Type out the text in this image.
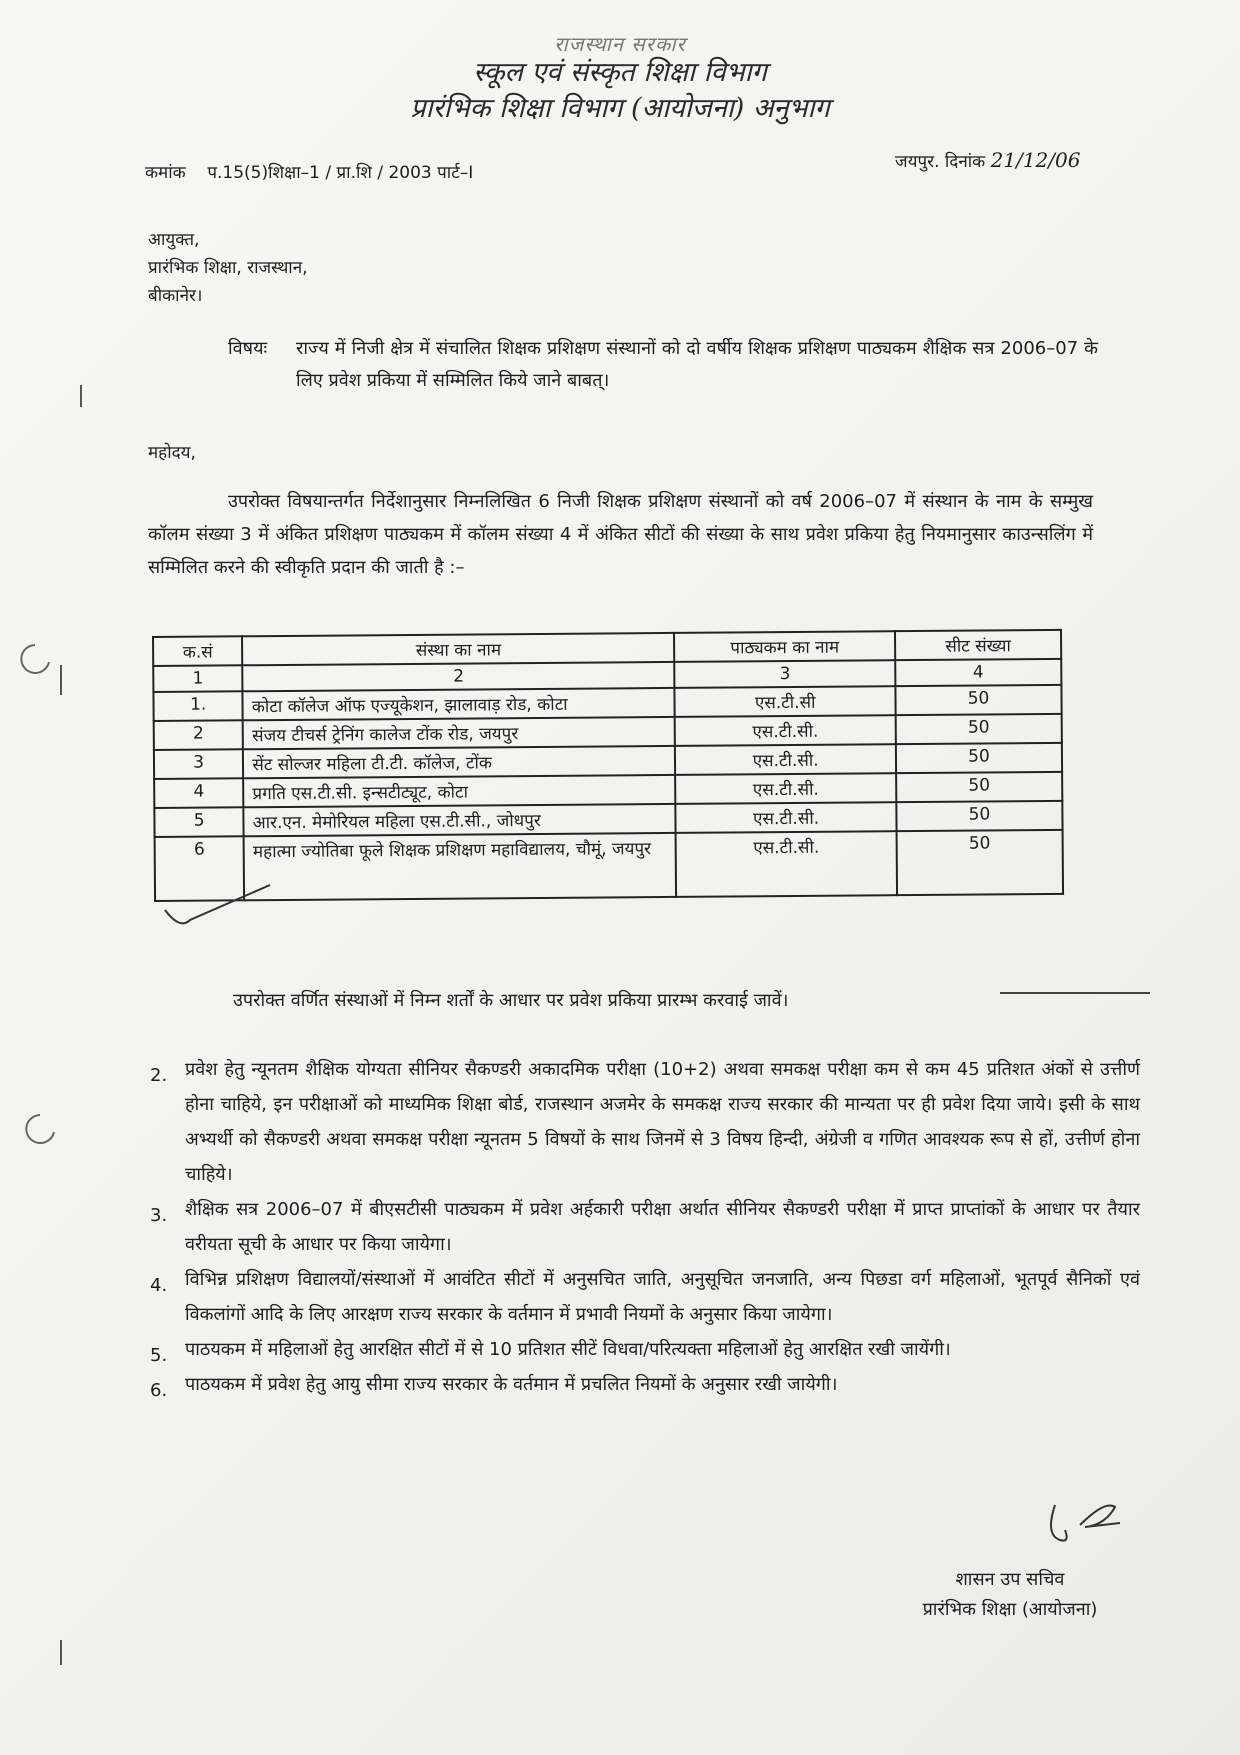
राजस्थान सरकार
स्कूल एवं संस्कृत शिक्षा विभाग
प्रारंभिक शिक्षा विभाग (आयोजना) अनुभाग
कमांक प.15(5)शिक्षा–1 / प्रा.शि / 2003 पार्ट–I
जयपुर. दिनांक 21/12/06
आयुक्त,
प्रारंभिक शिक्षा, राजस्थान,
बीकानेर।
विषयः राज्य में निजी क्षेत्र में संचालित शिक्षक प्रशिक्षण संस्थानों को दो वर्षीय शिक्षक प्रशिक्षण पाठ्यकम शैक्षिक सत्र 2006–07 के लिए प्रवेश प्रकिया में सम्मिलित किये जाने बाबत्।
महोदय,
उपरोक्त विषयान्तर्गत निर्देशानुसार निम्नलिखित 6 निजी शिक्षक प्रशिक्षण संस्थानों को वर्ष 2006–07 में संस्थान के नाम के सम्मुख कॉलम संख्या 3 में अंकित प्रशिक्षण पाठ्यकम में कॉलम संख्या 4 में अंकित सीटों की संख्या के साथ प्रवेश प्रकिया हेतु नियमानुसार काउन्सलिंग में सम्मिलित करने की स्वीकृति प्रदान की जाती है :–
क.सं	संस्था का नाम	पाठ्यकम का नाम	सीट संख्या
1	2	3	4
1.	कोटा कॉलेज ऑफ एज्यूकेशन, झालावाड़ रोड, कोटा	एस.टी.सी	50
2	संजय टीचर्स ट्रेनिंग कालेज टोंक रोड, जयपुर	एस.टी.सी.	50
3	सेंट सोल्जर महिला टी.टी. कॉलेज, टोंक	एस.टी.सी.	50
4	प्रगति एस.टी.सी. इन्सटीट्यूट, कोटा	एस.टी.सी.	50
5	आर.एन. मेमोरियल महिला एस.टी.सी., जोधपुर	एस.टी.सी.	50
6	महात्मा ज्योतिबा फूले शिक्षक प्रशिक्षण महाविद्यालय, चौमूं, जयपुर	एस.टी.सी.	50
उपरोक्त वर्णित संस्थाओं में निम्न शर्तों के आधार पर प्रवेश प्रकिया प्रारम्भ करवाई जावें।
2. प्रवेश हेतु न्यूनतम शैक्षिक योग्यता सीनियर सैकण्डरी अकादमिक परीक्षा (10+2) अथवा समकक्ष परीक्षा कम से कम 45 प्रतिशत अंकों से उत्तीर्ण होना चाहिये, इन परीक्षाओं को माध्यमिक शिक्षा बोर्ड, राजस्थान अजमेर के समकक्ष राज्य सरकार की मान्यता पर ही प्रवेश दिया जाये। इसी के साथ अभ्यर्थी को सैकण्डरी अथवा समकक्ष परीक्षा न्यूनतम 5 विषयों के साथ जिनमें से 3 विषय हिन्दी, अंग्रेजी व गणित आवश्यक रूप से हों, उत्तीर्ण होना चाहिये।
3. शैक्षिक सत्र 2006–07 में बीएसटीसी पाठ्यकम में प्रवेश अर्हकारी परीक्षा अर्थात सीनियर सैकण्डरी परीक्षा में प्राप्त प्राप्तांकों के आधार पर तैयार वरीयता सूची के आधार पर किया जायेगा।
4. विभिन्न प्रशिक्षण विद्यालयों/संस्थाओं में आवंटित सीटों में अनुसचित जाति, अनुसूचित जनजाति, अन्य पिछडा वर्ग महिलाओं, भूतपूर्व सैनिकों एवं विकलांगों आदि के लिए आरक्षण राज्य सरकार के वर्तमान में प्रभावी नियमों के अनुसार किया जायेगा।
5. पाठयकम में महिलाओं हेतु आरक्षित सीटों में से 10 प्रतिशत सीटें विधवा/परित्यक्ता महिलाओं हेतु आरक्षित रखी जायेंगी।
6. पाठयकम में प्रवेश हेतु आयु सीमा राज्य सरकार के वर्तमान में प्रचलित नियमों के अनुसार रखी जायेगी।
शासन उप सचिव
प्रारंभिक शिक्षा (आयोजना)
